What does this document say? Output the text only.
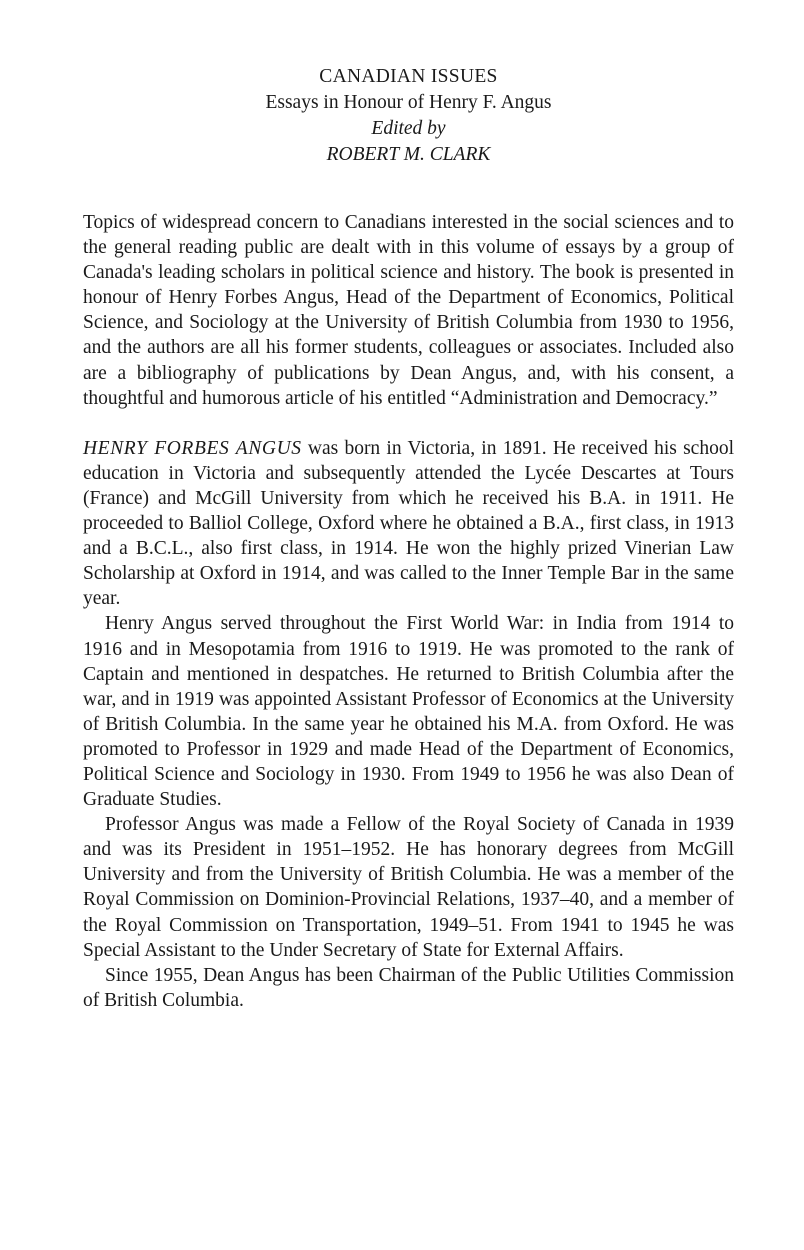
CANADIAN ISSUES
Essays in Honour of Henry F. Angus
Edited by
ROBERT M. CLARK

Topics of widespread concern to Canadians interested in the social sciences and to the general reading public are dealt with in this volume of essays by a group of Canada's leading scholars in political science and history. The book is presented in honour of Henry Forbes Angus, Head of the Department of Economics, Political Science, and Sociology at the University of British Columbia from 1930 to 1956, and the authors are all his former students, colleagues or associates. Included also are a bibliography of publications by Dean Angus, and, with his consent, a thoughtful and humorous article of his entitled “Administration and Democracy.”

HENRY FORBES ANGUS was born in Victoria, in 1891. He received his school education in Victoria and subsequently attended the Lycée Descartes at Tours (France) and McGill University from which he received his B.A. in 1911. He proceeded to Balliol College, Oxford where he obtained a B.A., first class, in 1913 and a B.C.L., also first class, in 1914. He won the highly prized Vinerian Law Scholarship at Oxford in 1914, and was called to the Inner Temple Bar in the same year.

Henry Angus served throughout the First World War: in India from 1914 to 1916 and in Mesopotamia from 1916 to 1919. He was promoted to the rank of Captain and mentioned in despatches. He returned to British Columbia after the war, and in 1919 was appointed Assistant Professor of Economics at the University of British Columbia. In the same year he obtained his M.A. from Oxford. He was promoted to Professor in 1929 and made Head of the Department of Economics, Political Science and Sociology in 1930. From 1949 to 1956 he was also Dean of Graduate Studies.

Professor Angus was made a Fellow of the Royal Society of Canada in 1939 and was its President in 1951–1952. He has honorary degrees from McGill University and from the University of British Columbia. He was a member of the Royal Commission on Dominion-Provincial Relations, 1937–40, and a member of the Royal Commission on Transportation, 1949–51. From 1941 to 1945 he was Special Assistant to the Under Secretary of State for External Affairs.

Since 1955, Dean Angus has been Chairman of the Public Utilities Commission of British Columbia.
